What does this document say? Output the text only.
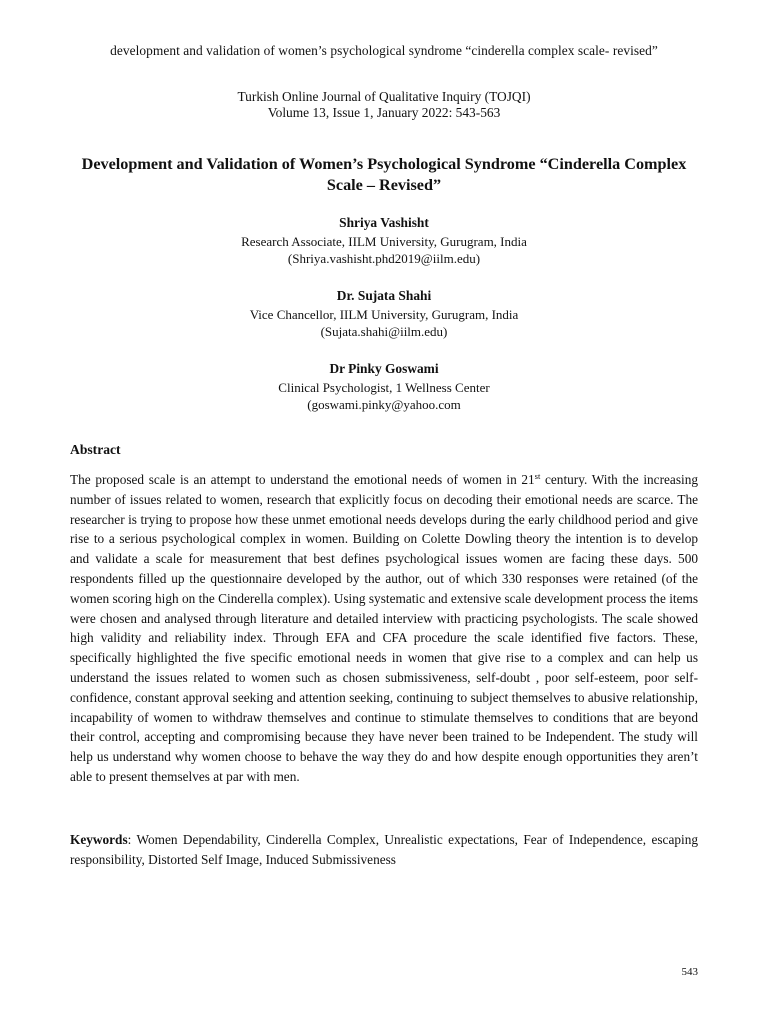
development and validation of women’s psychological syndrome “cinderella complex scale- revised”
Turkish Online Journal of Qualitative Inquiry (TOJQI)
Volume 13, Issue 1, January 2022: 543-563
Development and Validation of Women’s Psychological Syndrome “Cinderella Complex Scale – Revised”
Shriya Vashisht
Research Associate, IILM University, Gurugram, India
(Shriya.vashisht.phd2019@iilm.edu)
Dr. Sujata Shahi
Vice Chancellor, IILM University, Gurugram, India
(Sujata.shahi@iilm.edu)
Dr Pinky Goswami
Clinical Psychologist, 1 Wellness Center
(goswami.pinky@yahoo.com
Abstract
The proposed scale is an attempt to understand the emotional needs of women in 21st century. With the increasing number of issues related to women, research that explicitly focus on decoding their emotional needs are scarce. The researcher is trying to propose how these unmet emotional needs develops during the early childhood period and give rise to a serious psychological complex in women. Building on Colette Dowling theory the intention is to develop and validate a scale for measurement that best defines psychological issues women are facing these days. 500 respondents filled up the questionnaire developed by the author, out of which 330 responses were retained (of the women scoring high on the Cinderella complex). Using systematic and extensive scale development process the items were chosen and analysed through literature and detailed interview with practicing psychologists. The scale showed high validity and reliability index. Through EFA and CFA procedure the scale identified five factors. These, specifically highlighted the five specific emotional needs in women that give rise to a complex and can help us understand the issues related to women such as chosen submissiveness, self-doubt , poor self-esteem, poor self-confidence, constant approval seeking and attention seeking, continuing to subject themselves to abusive relationship, incapability of women to withdraw themselves and continue to stimulate themselves to conditions that are beyond their control, accepting and compromising because they have never been trained to be Independent. The study will help us understand why women choose to behave the way they do and how despite enough opportunities they aren’t able to present themselves at par with men.
Keywords: Women Dependability, Cinderella Complex, Unrealistic expectations, Fear of Independence, escaping responsibility, Distorted Self Image, Induced Submissiveness
543
